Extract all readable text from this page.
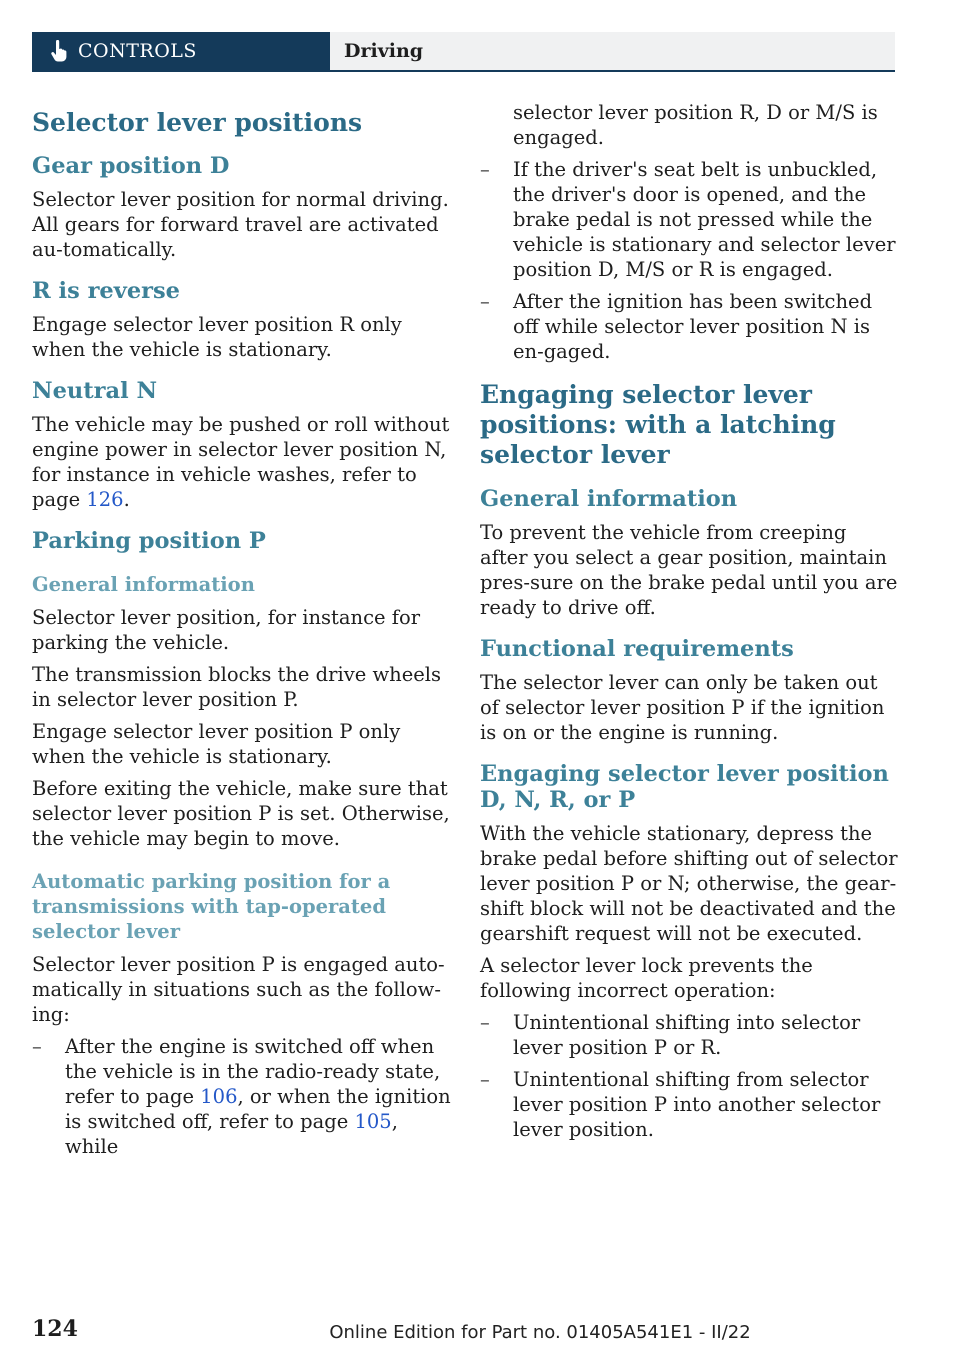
CONTROLS	Driving
Selector lever positions
Gear position D

Selector lever position for normal driving. All gears for forward travel are activated au‐tomatically.

R is reverse

Engage selector lever position R only when the vehicle is stationary.

Neutral N

The vehicle may be pushed or roll without engine power in selector lever position N, for instance in vehicle washes, refer to page 126.

Parking position P
General information

Selector lever position, for instance for parking the vehicle.

The transmission blocks the drive wheels in selector lever position P.

Engage selector lever position P only when the vehicle is stationary.

Before exiting the vehicle, make sure that selector lever position P is set. Otherwise, the vehicle may begin to move.

Automatic parking position for a transmissions with tap-operated selector lever

Selector lever position P is engaged auto‐matically in situations such as the follow‐ing:

– After the engine is switched off when the vehicle is in the radio-ready state, refer to page 106, or when the ignition is switched off, refer to page 105, while

selector lever position R, D or M/S is engaged.

– If the driver's seat belt is unbuckled, the driver's door is opened, and the brake pedal is not pressed while the vehicle is stationary and selector lever position D, M/S or R is engaged.
– After the ignition has been switched off while selector lever position N is en‐gaged.
Engaging selector lever positions: with a latching selector lever
General information

To prevent the vehicle from creeping after you select a gear position, maintain pres‐sure on the brake pedal until you are ready to drive off.

Functional requirements

The selector lever can only be taken out of selector lever position P if the ignition is on or the engine is running.

Engaging selector lever position D, N, R, or P

With the vehicle stationary, depress the brake pedal before shifting out of selector lever position P or N; otherwise, the gear‐shift block will not be deactivated and the gearshift request will not be executed.

A selector lever lock prevents the following incorrect operation:

– Unintentional shifting into selector lever position P or R.
– Unintentional shifting from selector lever position P into another selector lever position.
124	Online Edition for Part no. 01405A541E1 - II/22
